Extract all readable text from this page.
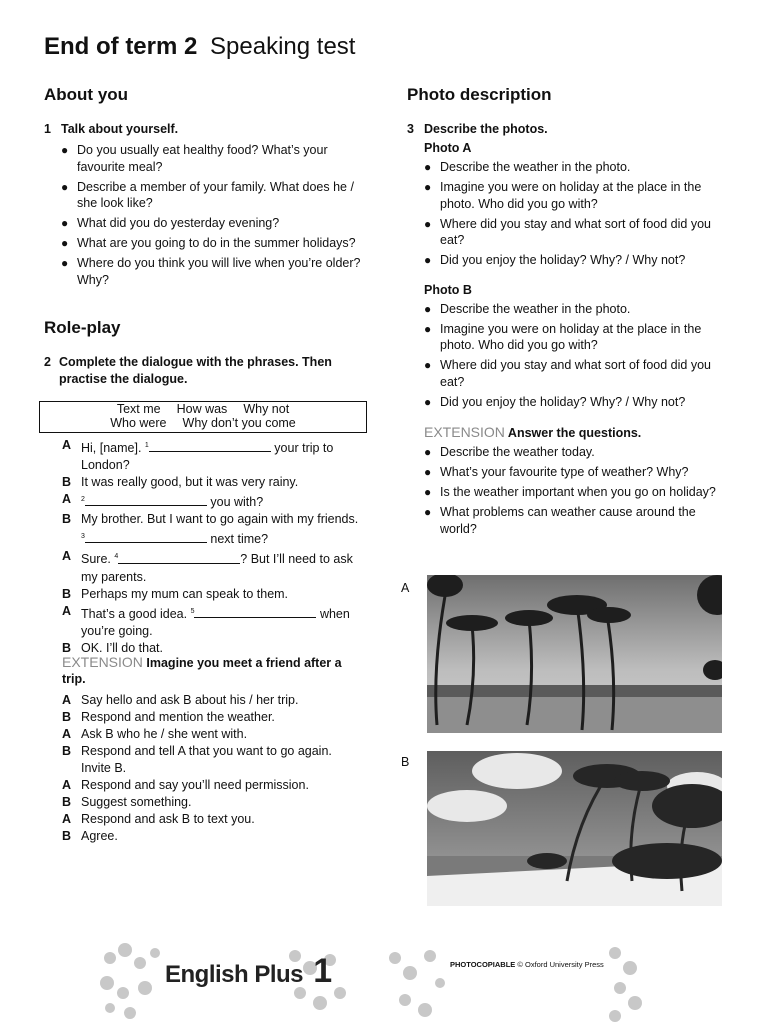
End of term 2 Speaking test
About you
1 Talk about yourself.
● Do you usually eat healthy food? What’s your favourite meal?
● Describe a member of your family. What does he / she look like?
● What did you do yesterday evening?
● What are you going to do in the summer holidays?
● Where do you think you will live when you’re older? Why?
Role-play
2 Complete the dialogue with the phrases. Then practise the dialogue.
Text me How was Why not
Who were Why don’t you come
A Hi, [name]. $^1$	your trip to London?
B It was really good, but it was very rainy.
A	$^2$	you with?
B My brother. But I want to go again with my friends. $^3$	next time?
A Sure. $^4$	? But I’ll need to ask my parents.
B Perhaps my mum can speak to them.
A That’s a good idea. $^5$	when you’re going.
B OK. I’ll do that.
EXTENSION Imagine you meet a friend after a trip.
A Say hello and ask B about his / her trip.
B Respond and mention the weather.
A Ask B who he / she went with.
B Respond and tell A that you want to go again. Invite B.
A Respond and say you’ll need permission.
B Suggest something.
A Respond and ask B to text you.
B Agree.
Photo description
3 Describe the photos.
Photo A
● Describe the weather in the photo.
● Imagine you were on holiday at the place in the photo. Who did you go with?
● Where did you stay and what sort of food did you eat?
● Did you enjoy the holiday? Why? / Why not?
Photo B
● Describe the weather in the photo.
● Imagine you were on holiday at the place in the photo. Who did you go with?
● Where did you stay and what sort of food did you eat?
● Did you enjoy the holiday? Why? / Why not?
EXTENSION Answer the questions.
● Describe the weather today.
● What’s your favourite type of weather? Why?
● Is the weather important when you go on holiday?
● What problems can weather cause around the world?
A
B
English Plus 1	PHOTOCOPIABLE © Oxford University Press
